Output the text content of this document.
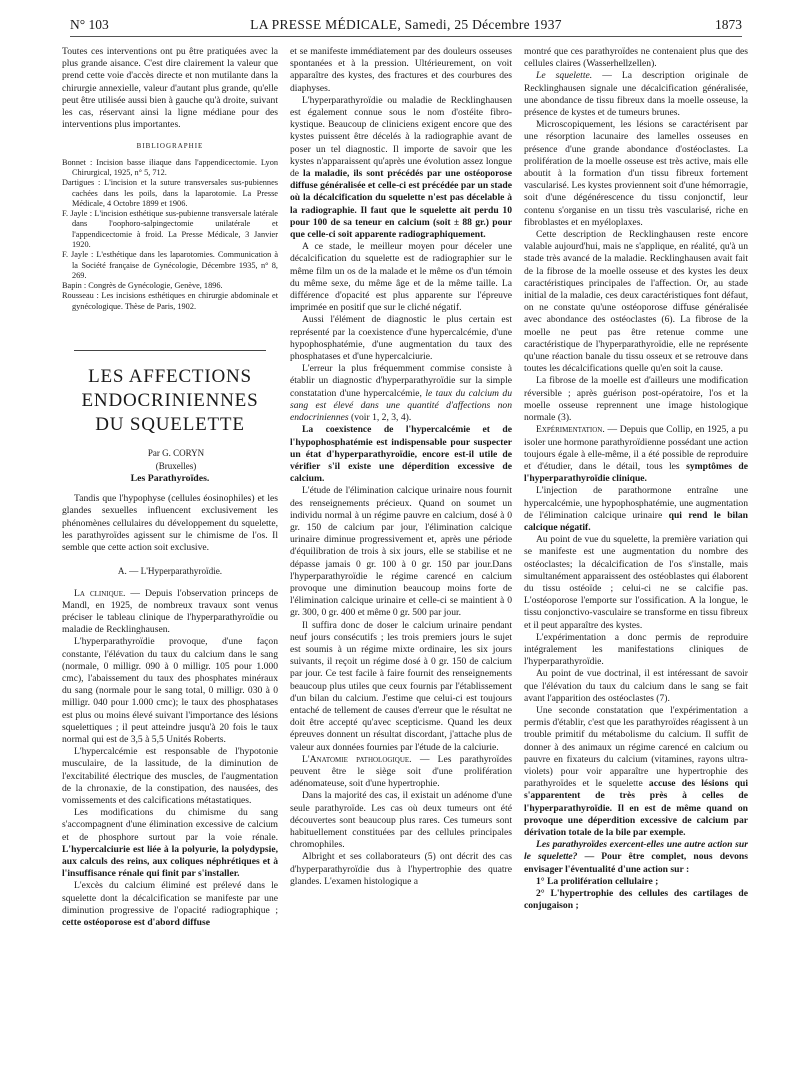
N° 103	LA PRESSE MÉDICALE, Samedi, 25 Décembre 1937	1873

Toutes ces interventions ont pu être pratiquées avec la plus grande aisance. C'est dire clairement la valeur que prend cette voie d'accès directe et non mutilante dans la chirurgie annexielle, valeur d'autant plus grande, qu'elle peut être utilisée aussi bien à gauche qu'à droite, suivant les cas, réservant ainsi la ligne médiane pour des interventions plus importantes.

BIBLIOGRAPHIE

Bonnet : Incision basse iliaque dans l'appendicectomie. Lyon Chirurgical, 1925, n° 5, 712.

Dartigues : L'incision et la suture transversales sus-pubiennes cachées dans les poils, dans la laparotomie. La Presse Médicale, 4 Octobre 1899 et 1906.

F. Jayle : L'incision esthétique sus-pubienne transversale latérale dans l'oophoro-salpingectomie unilatérale et l'appendicectomie à froid. La Presse Médicale, 3 Janvier 1920.

F. Jayle : L'esthétique dans les laparotomies. Communication à la Société française de Gynécologie, Décembre 1935, n° 8, 269.

Bapin : Congrès de Gynécologie, Genève, 1896.

Rousseau : Les incisions esthétiques en chirurgie abdominale et gynécologique. Thèse de Paris, 1902.

LES AFFECTIONS
ENDOCRINIENNES
DU SQUELETTE

Par G. CORYN

(Bruxelles)

Les Parathyroïdes.

Tandis que l'hypophyse (cellules éosinophiles) et les glandes sexuelles influencent exclusivement les phénomènes cellulaires du développement du squelette, les parathyroïdes agissent sur le chimisme de l'os. Il semble que cette action soit exclusive.

A. — L'Hyperparathyroïdie.

La clinique. — Depuis l'observation princeps de Mandl, en 1925, de nombreux travaux sont venus préciser le tableau clinique de l'hyperparathyroïdie ou maladie de Recklinghausen.

L'hyperparathyroïdie provoque, d'une façon constante, l'élévation du taux du calcium dans le sang (normale, 0 milligr. 090 à 0 milligr. 105 pour 1.000 cmc), l'abaissement du taux des phosphates minéraux du sang (normale pour le sang total, 0 milligr. 030 à 0 milligr. 040 pour 1.000 cmc); le taux des phosphatases est plus ou moins élevé suivant l'importance des lésions squelettiques ; il peut atteindre jusqu'à 20 fois le taux normal qui est de 3,5 à 5,5 Unités Roberts.

L'hypercalcémie est responsable de l'hypotonie musculaire, de la lassitude, de la diminution de l'excitabilité électrique des muscles, de l'augmentation de la chronaxie, de la constipation, des nausées, des vomissements et des calcifications métastatiques.

Les modifications du chimisme du sang s'accompagnent d'une élimination excessive de calcium et de phosphore surtout par la voie rénale. L'hypercalciurie est liée à la polyurie, la polydypsie, aux calculs des reins, aux coliques néphrétiques et à l'insuffisance rénale qui finit par s'installer.

L'excès du calcium éliminé est prélevé dans le squelette dont la décalcification se manifeste par une diminution progressive de l'opacité radiographique ; cette ostéoporose est d'abord diffuse

et se manifeste immédiatement par des douleurs osseuses spontanées et à la pression. Ultérieurement, on voit apparaître des kystes, des fractures et des courbures des diaphyses.

L'hyperparathyroïdie ou maladie de Recklinghausen est également connue sous le nom d'ostéite fibro-kystique. Beaucoup de cliniciens exigent encore que des kystes puissent être décelés à la radiographie avant de poser un tel diagnostic. Il importe de savoir que les kystes n'apparaissent qu'après une évolution assez longue de la maladie, ils sont précédés par une ostéoporose diffuse généralisée et celle-ci est précédée par un stade où la décalcification du squelette n'est pas décelable à la radiographie. Il faut que le squelette ait perdu 10 pour 100 de sa teneur en calcium (soit ± 88 gr.) pour que celle-ci soit apparente radiographiquement.

A ce stade, le meilleur moyen pour déceler une décalcification du squelette est de radiographier sur le même film un os de la malade et le même os d'un témoin du même sexe, du même âge et de la même taille. La différence d'opacité est plus apparente sur l'épreuve imprimée en positif que sur le cliché négatif.

Aussi l'élément de diagnostic le plus certain est représenté par la coexistence d'une hypercalcémie, d'une hypophosphatémie, d'une augmentation du taux des phosphatases et d'une hypercalciurie.

L'erreur la plus fréquemment commise consiste à établir un diagnostic d'hyperparathyroïdie sur la simple constatation d'une hypercalcémie, le taux du calcium du sang est élevé dans une quantité d'affections non endocriniennes (voir 1, 2, 3, 4).

La coexistence de l'hypercalcémie et de l'hypophosphatémie est indispensable pour suspecter un état d'hyperparathyroïdie, encore est-il utile de vérifier s'il existe une déperdition excessive de calcium.

L'étude de l'élimination calcique urinaire nous fournit des renseignements précieux. Quand on soumet un individu normal à un régime pauvre en calcium, dosé à 0 gr. 150 de calcium par jour, l'élimination calcique urinaire diminue progressivement et, après une période d'équilibration de trois à six jours, elle se stabilise et ne dépasse jamais 0 gr. 100 à 0 gr. 150 par jour.Dans l'hyperparathyroïdie le régime carencé en calcium provoque une diminution beaucoup moins forte de l'élimination calcique urinaire et celle-ci se maintient à 0 gr. 300, 0 gr. 400 et même 0 gr. 500 par jour.

Il suffira donc de doser le calcium urinaire pendant neuf jours consécutifs ; les trois premiers jours le sujet est soumis à un régime mixte ordinaire, les six jours suivants, il reçoit un régime dosé à 0 gr. 150 de calcium par jour. Ce test facile à faire fournit des renseignements beaucoup plus utiles que ceux fournis par l'établissement d'un bilan du calcium. J'estime que celui-ci est toujours entaché de tellement de causes d'erreur que le résultat ne doit être accepté qu'avec scepticisme. Quand les deux épreuves donnent un résultat discordant, j'attache plus de valeur aux données fournies par l'étude de la calciurie.

L'Anatomie pathologique. — Les parathyroïdes peuvent être le siège soit d'une prolifération adénomateuse, soit d'une hypertrophie.

Dans la majorité des cas, il existait un adénome d'une seule parathyroïde. Les cas où deux tumeurs ont été découvertes sont beaucoup plus rares. Ces tumeurs sont habituellement constituées par des cellules principales chromophiles.

Albright et ses collaborateurs (5) ont décrit des cas d'hyperparathyroïdie dus à l'hypertrophie des quatre glandes. L'examen histologique a

montré que ces parathyroïdes ne contenaient plus que des cellules claires (Wasserhellzellen).

Le squelette. — La description originale de Recklinghausen signale une décalcification généralisée, une abondance de tissu fibreux dans la moelle osseuse, la présence de kystes et de tumeurs brunes.

Microscopiquement, les lésions se caractérisent par une résorption lacunaire des lamelles osseuses en présence d'une grande abondance d'ostéoclastes. La prolifération de la moelle osseuse est très active, mais elle aboutit à la formation d'un tissu fibreux fortement vascularisé. Les kystes proviennent soit d'une hémorragie, soit d'une dégénérescence du tissu conjonctif, leur contenu s'organise en un tissu très vascularisé, riche en fibroblastes et en myéloplaxes.

Cette description de Recklinghausen reste encore valable aujourd'hui, mais ne s'applique, en réalité, qu'à un stade très avancé de la maladie. Recklinghausen avait fait de la fibrose de la moelle osseuse et des kystes les deux caractéristiques principales de l'affection. Or, au stade initial de la maladie, ces deux caractéristiques font défaut, on ne constate qu'une ostéoporose diffuse généralisée avec abondance des ostéoclastes (6). La fibrose de la moelle ne peut pas être retenue comme une caractéristique de l'hyperparathyroïdie, elle ne représente qu'une réaction banale du tissu osseux et se retrouve dans toutes les décalcifications quelle qu'en soit la cause.

La fibrose de la moelle est d'ailleurs une modification réversible ; après guérison post-opératoire, l'os et la moelle osseuse reprennent une image histologique normale (3).

Expérimentation. — Depuis que Collip, en 1925, a pu isoler une hormone parathyroïdienne possédant une action toujours égale à elle-même, il a été possible de reproduire et d'étudier, dans le détail, tous les symptômes de l'hyperparathyroïdie clinique.

L'injection de parathormone entraîne une hypercalcémie, une hypophosphatémie, une augmentation de l'élimination calcique urinaire qui rend le bilan calcique négatif.

Au point de vue du squelette, la première variation qui se manifeste est une augmentation du nombre des ostéoclastes; la décalcification de l'os s'installe, mais simultanément apparaissent des ostéoblastes qui élaborent du tissu ostéoïde ; celui-ci ne se calcifie pas. L'ostéoporose l'emporte sur l'ossification. A la longue, le tissu conjonctivo-vasculaire se transforme en tissu fibreux et il peut apparaître des kystes.

L'expérimentation a donc permis de reproduire intégralement les manifestations cliniques de l'hyperparathyroïdie.

Au point de vue doctrinal, il est intéressant de savoir que l'élévation du taux du calcium dans le sang se fait avant l'apparition des ostéoclastes (7).

Une seconde constatation que l'expérimentation a permis d'établir, c'est que les parathyroïdes réagissent à un trouble primitif du métabolisme du calcium. Il suffit de donner à des animaux un régime carencé en calcium ou pauvre en fixateurs du calcium (vitamines, rayons ultra-violets) pour voir apparaître une hypertrophie des parathyroïdes et le squelette accuse des lésions qui s'apparentent de très près à celles de l'hyperparathyroïdie. Il en est de même quand on provoque une déperdition excessive de calcium par dérivation totale de la bile par exemple.

Les parathyroïdes exercent-elles une autre action sur le squelette? — Pour être complet, nous devons envisager l'éventualité d'une action sur :

1° La prolifération cellulaire ;

2° L'hypertrophie des cellules des cartilages de conjugaison ;
